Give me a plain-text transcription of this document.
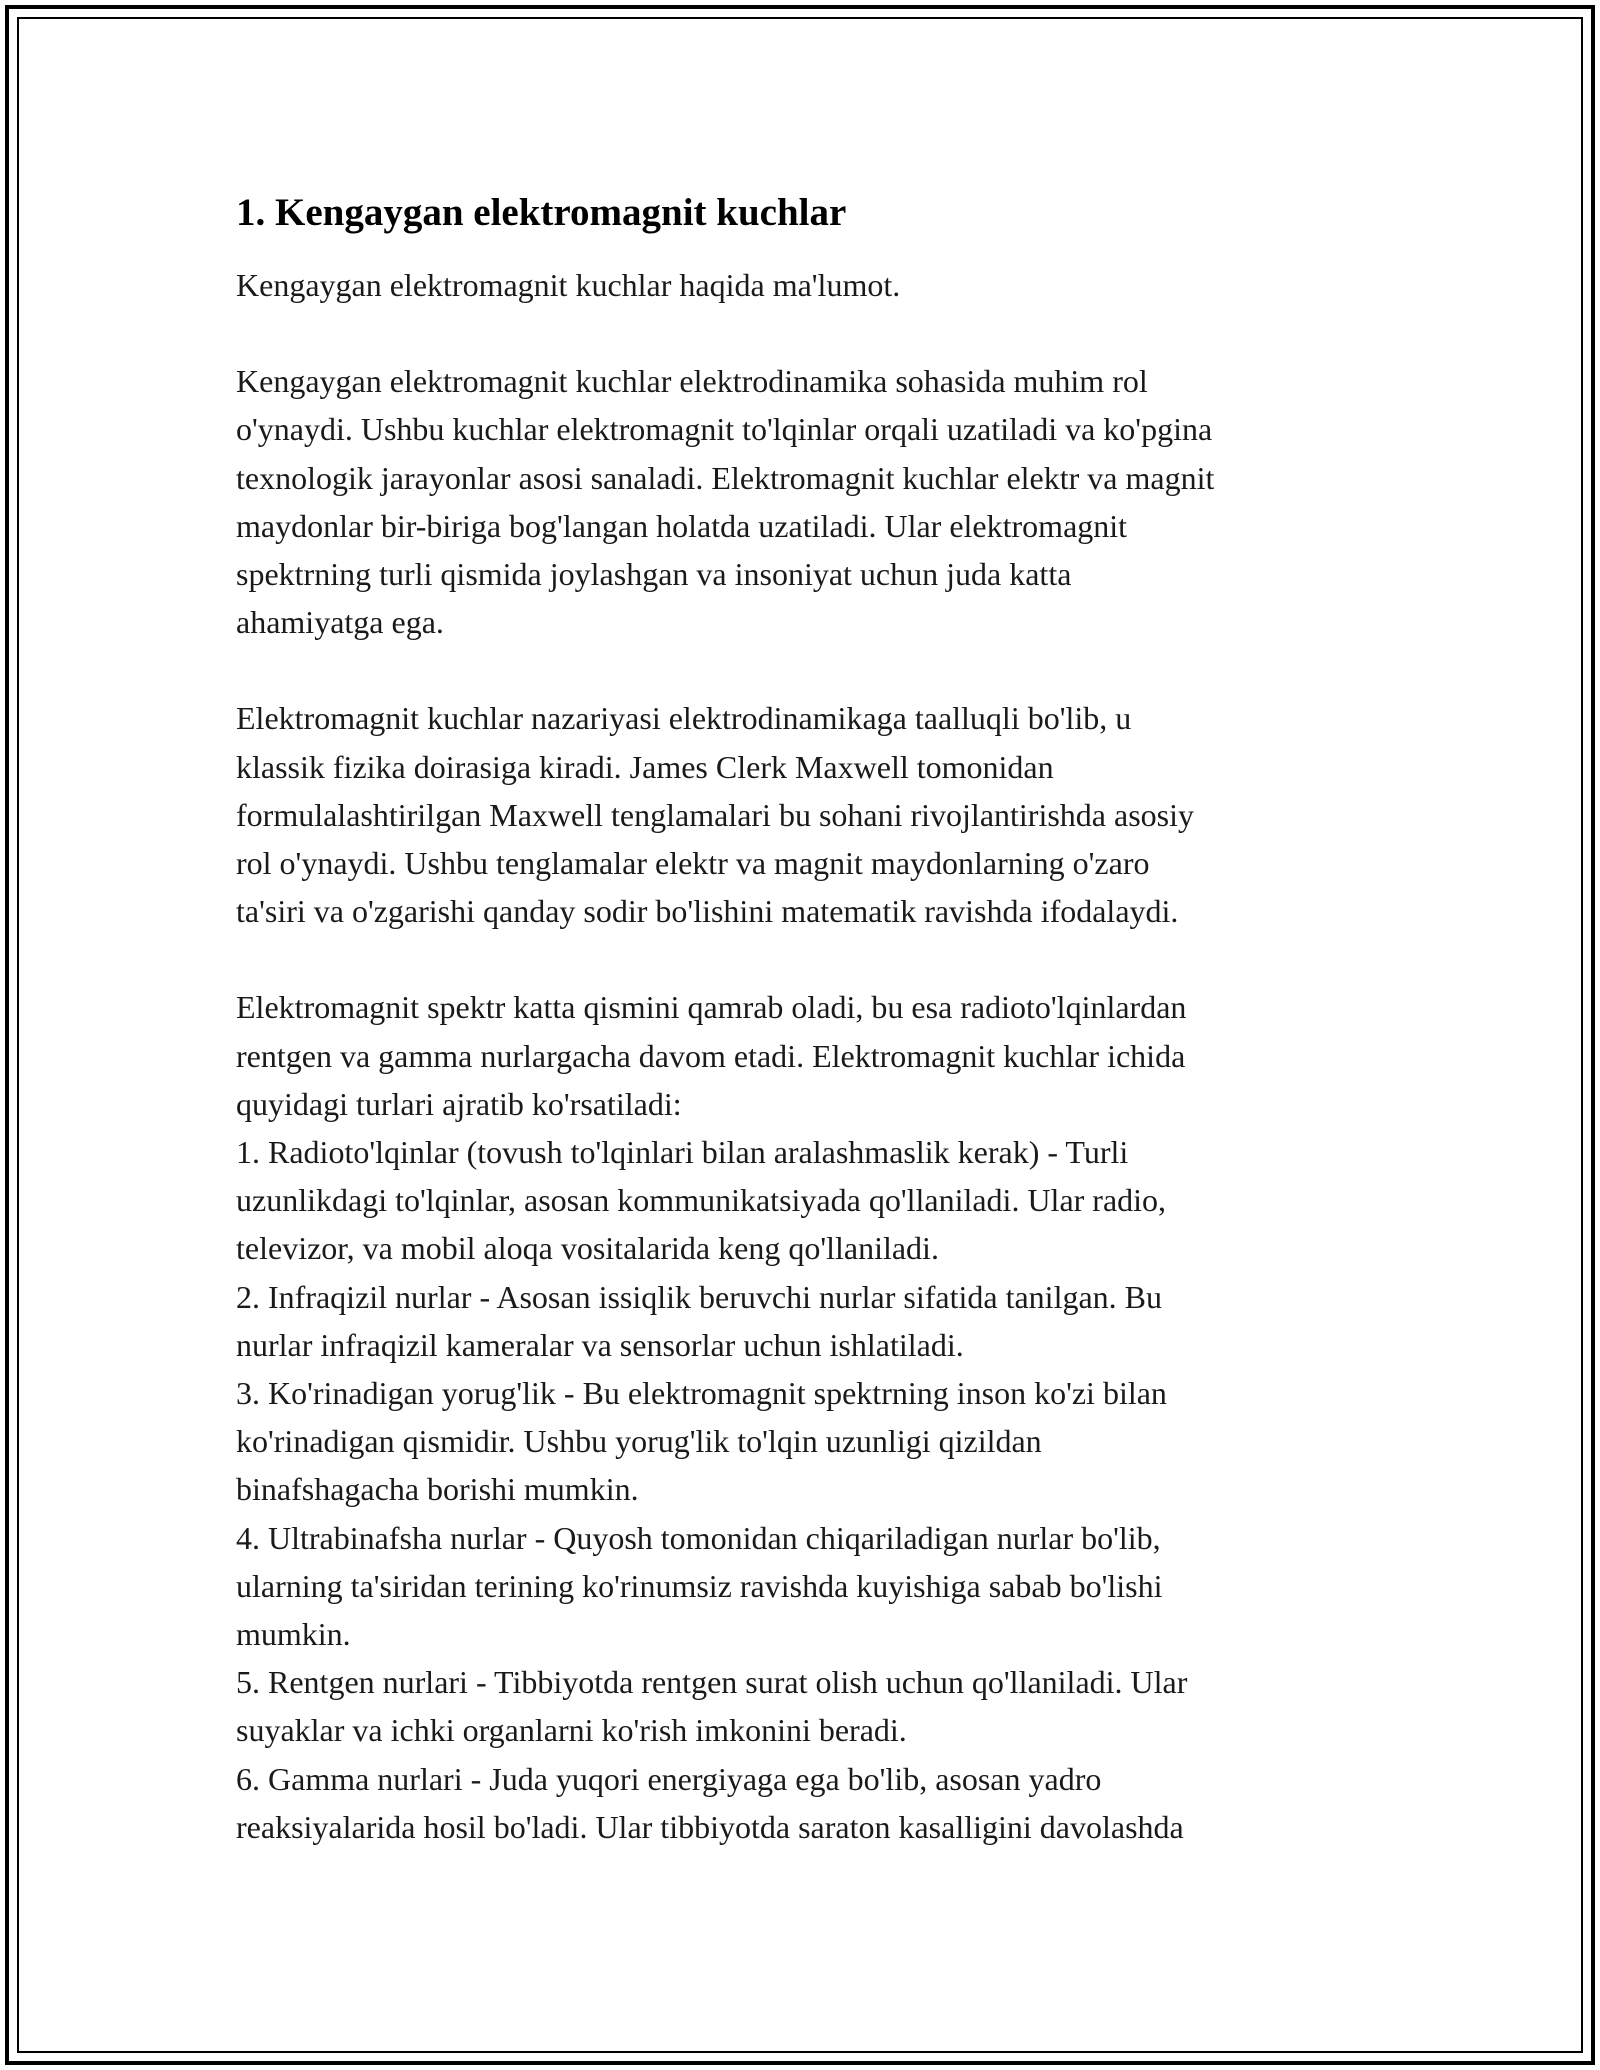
1. Kengaygan elektromagnit kuchlar

Kengaygan elektromagnit kuchlar haqida ma'lumot.

Kengaygan elektromagnit kuchlar elektrodinamika sohasida muhim rol

o'ynaydi. Ushbu kuchlar elektromagnit to'lqinlar orqali uzatiladi va ko'pgina

texnologik jarayonlar asosi sanaladi. Elektromagnit kuchlar elektr va magnit

maydonlar bir-biriga bog'langan holatda uzatiladi. Ular elektromagnit

spektrning turli qismida joylashgan va insoniyat uchun juda katta

ahamiyatga ega.

Elektromagnit kuchlar nazariyasi elektrodinamikaga taalluqli bo'lib, u

klassik fizika doirasiga kiradi. James Clerk Maxwell tomonidan

formulalashtirilgan Maxwell tenglamalari bu sohani rivojlantirishda asosiy

rol o'ynaydi. Ushbu tenglamalar elektr va magnit maydonlarning o'zaro

ta'siri va o'zgarishi qanday sodir bo'lishini matematik ravishda ifodalaydi.

Elektromagnit spektr katta qismini qamrab oladi, bu esa radioto'lqinlardan

rentgen va gamma nurlargacha davom etadi. Elektromagnit kuchlar ichida

quyidagi turlari ajratib ko'rsatiladi:

1. Radioto'lqinlar (tovush to'lqinlari bilan aralashmaslik kerak) - Turli

uzunlikdagi to'lqinlar, asosan kommunikatsiyada qo'llaniladi. Ular radio,

televizor, va mobil aloqa vositalarida keng qo'llaniladi.

2. Infraqizil nurlar - Asosan issiqlik beruvchi nurlar sifatida tanilgan. Bu

nurlar infraqizil kameralar va sensorlar uchun ishlatiladi.

3. Ko'rinadigan yorug'lik - Bu elektromagnit spektrning inson ko'zi bilan

ko'rinadigan qismidir. Ushbu yorug'lik to'lqin uzunligi qizildan

binafshagacha borishi mumkin.

4. Ultrabinafsha nurlar - Quyosh tomonidan chiqariladigan nurlar bo'lib,

ularning ta'siridan terining ko'rinumsiz ravishda kuyishiga sabab bo'lishi

mumkin.

5. Rentgen nurlari - Tibbiyotda rentgen surat olish uchun qo'llaniladi. Ular

suyaklar va ichki organlarni ko'rish imkonini beradi.

6. Gamma nurlari - Juda yuqori energiyaga ega bo'lib, asosan yadro

reaksiyalarida hosil bo'ladi. Ular tibbiyotda saraton kasalligini davolashda
